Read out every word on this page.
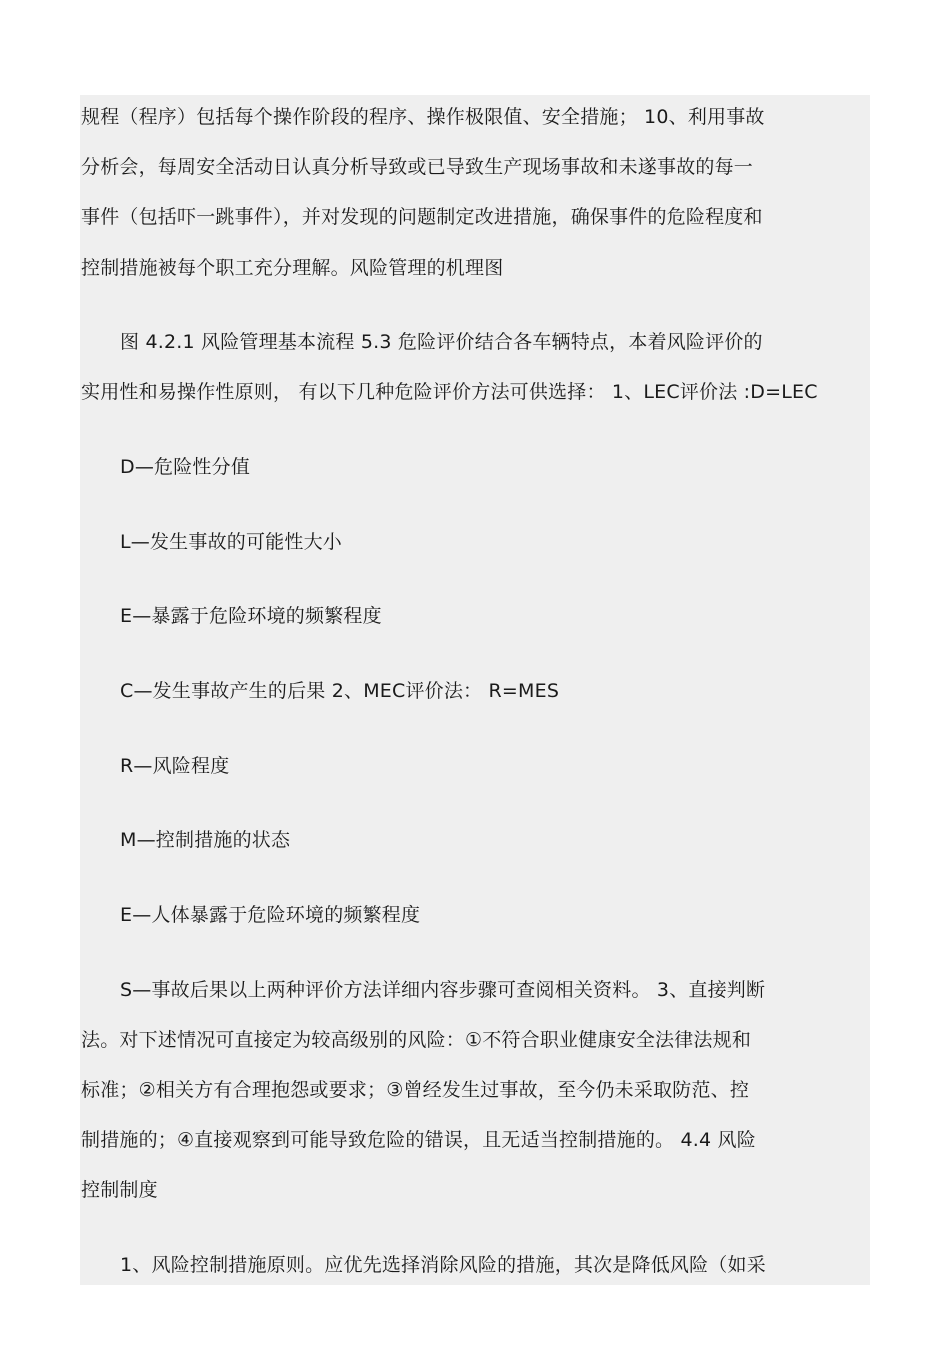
规程（程序）包括每个操作阶段的程序、操作极限值、安全措施； 10、利用事故
分析会，每周安全活动日认真分析导致或已导致生产现场事故和未遂事故的每一
事件（包括吓一跳事件），并对发现的问题制定改进措施，确保事件的危险程度和
控制措施被每个职工充分理解。风险管理的机理图
图 4.2.1 风险管理基本流程 5.3 危险评价结合各车辆特点，本着风险评价的
实用性和易操作性原则， 有以下几种危险评价方法可供选择： 1、LEC评价法 :D=LEC
D—危险性分值
L—发生事故的可能性大小
E—暴露于危险环境的频繁程度
C—发生事故产生的后果 2、MEC评价法： R=MES
R—风险程度
M—控制措施的状态
E—人体暴露于危险环境的频繁程度
S—事故后果以上两种评价方法详细内容步骤可查阅相关资料。 3、直接判断
法。对下述情况可直接定为较高级别的风险：①不符合职业健康安全法律法规和
标准；②相关方有合理抱怨或要求；③曾经发生过事故，至今仍未采取防范、控
制措施的；④直接观察到可能导致危险的错误，且无适当控制措施的。 4.4 风险
控制制度
1、风险控制措施原则。应优先选择消除风险的措施，其次是降低风险（如采
